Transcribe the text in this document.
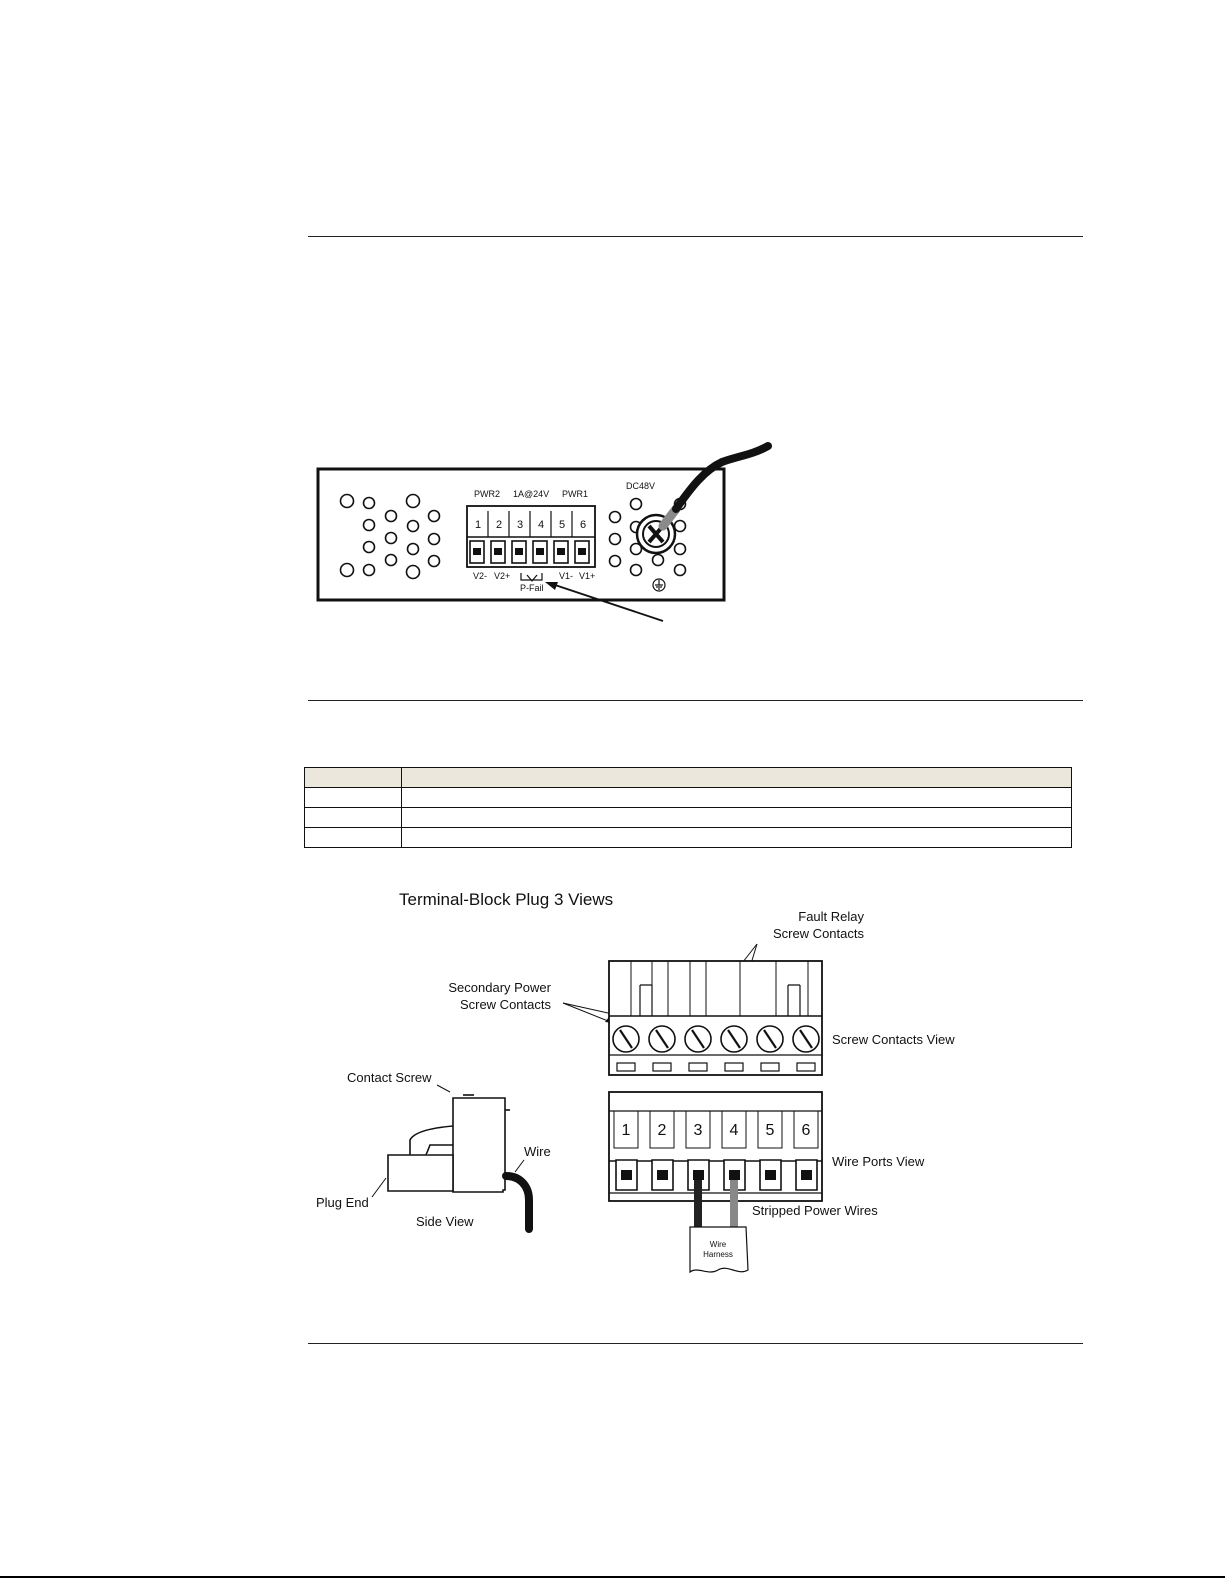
1 2 3 4 5 6
PWR2 1A@24V PWR1
DC48V
V2- V2+	V1- V1+
P-Fail

Terminal-Block Plug 3 Views
Fault Relay
Screw Contacts
Secondary Power
Screw Contacts
Screw Contacts View
Contact Screw
Wire
Plug End
Side View
Wire Ports View
Stripped Power Wires
1 2 3 4 5 6
Wire
Harness
